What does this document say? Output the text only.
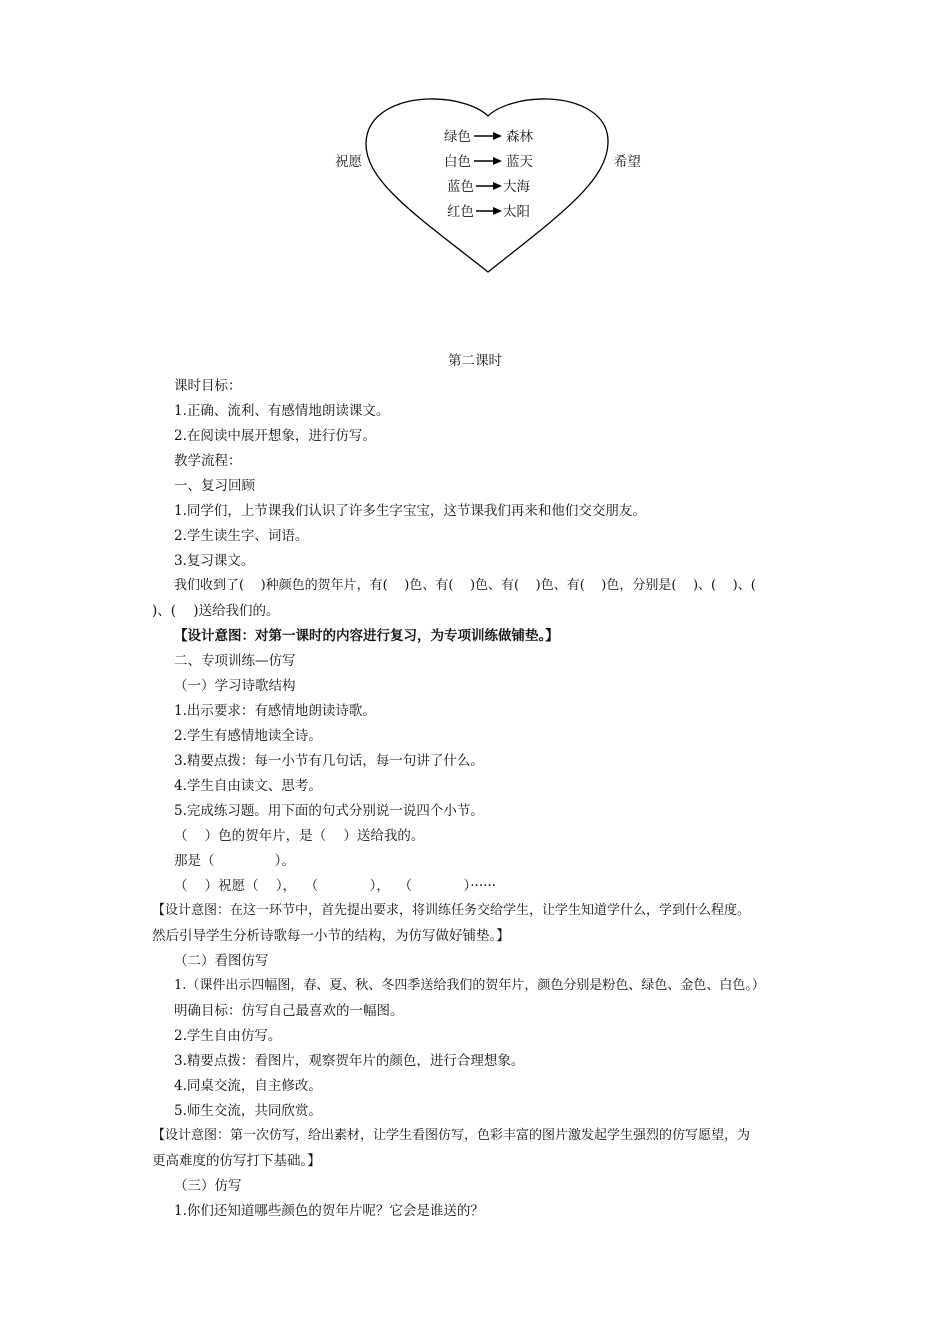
祝愿	希望
绿色	森林
白色	蓝天
蓝色 大海
红色 太阳
第二课时
课时目标：
1.正确、流利、有感情地朗读课文。
2.在阅读中展开想象，进行仿写。
教学流程：
一、复习回顾
1.同学们，上节课我们认识了许多生字宝宝，这节课我们再来和他们交交朋友。
2.学生读生字、词语。
3.复习课文。
我们收到了(    )种颜色的贺年片，有(    )色、有(    )色、有(    )色、有(    )色，分别是(    )、(    )、(
)、(    )送给我们的。
【设计意图：对第一课时的内容进行复习，为专项训练做铺垫。】
二、专项训练—仿写
（一）学习诗歌结构
1.出示要求：有感情地朗读诗歌。
2.学生有感情地读全诗。
3.精要点拨：每一小节有几句话，每一句讲了什么。
4.学生自由读文、思考。
5.完成练习题。用下面的句式分别说一说四个小节。
（    ）色的贺年片，是（    ）送给我的。
那是（              ）。
（    ）祝愿（    ），  （            ），  （            ）······
【设计意图：在这一环节中，首先提出要求，将训练任务交给学生，让学生知道学什么，学到什么程度。
然后引导学生分析诗歌每一小节的结构，为仿写做好铺垫。】
（二）看图仿写
1.（课件出示四幅图，春、夏、秋、冬四季送给我们的贺年片，颜色分别是粉色、绿色、金色、白色。）
明确目标：仿写自己最喜欢的一幅图。
2.学生自由仿写。
3.精要点拨：看图片，观察贺年片的颜色，进行合理想象。
4.同桌交流，自主修改。
5.师生交流，共同欣赏。
【设计意图：第一次仿写，给出素材，让学生看图仿写，色彩丰富的图片激发起学生强烈的仿写愿望，为
更高难度的仿写打下基础。】
（三）仿写
1.你们还知道哪些颜色的贺年片呢？它会是谁送的？
